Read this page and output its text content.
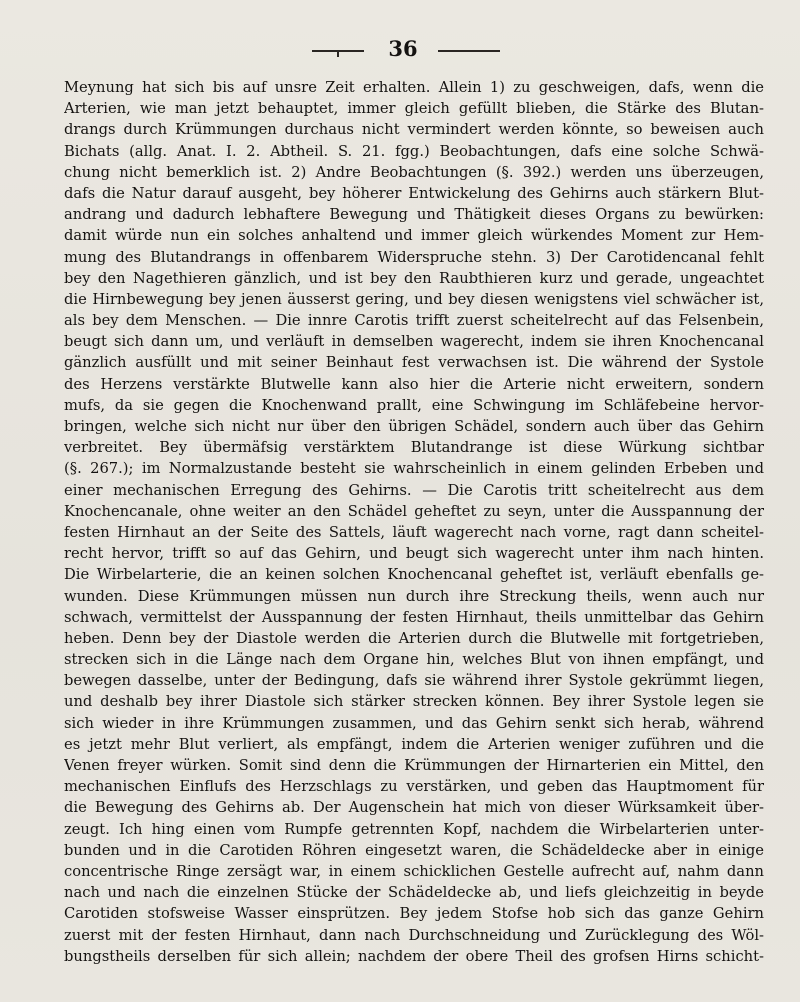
36
Meynung hat sich bis auf unsre Zeit erhalten. Allein 1) zu geschweigen, dafs, wenn die
Arterien, wie man jetzt behauptet, immer gleich gefüllt blieben, die Stärke des Blutan-
drangs durch Krümmungen durchaus nicht vermindert werden könnte, so beweisen auch
Bichats (allg. Anat. I. 2. Abtheil. S. 21. fgg.) Beobachtungen, dafs eine solche Schwä-
chung nicht bemerklich ist. 2) Andre Beobachtungen (§. 392.) werden uns überzeugen,
dafs die Natur darauf ausgeht, bey höherer Entwickelung des Gehirns auch stärkern Blut-
andrang und dadurch lebhaftere Bewegung und Thätigkeit dieses Organs zu bewürken:
damit würde nun ein solches anhaltend und immer gleich würkendes Moment zur Hem-
mung des Blutandrangs in offenbarem Widerspruche stehn. 3) Der Carotidencanal fehlt
bey den Nagethieren gänzlich, und ist bey den Raubthieren kurz und gerade, ungeachtet
die Hirnbewegung bey jenen äusserst gering, und bey diesen wenigstens viel schwächer ist,
als bey dem Menschen. — Die innre Carotis trifft zuerst scheitelrecht auf das Felsenbein,
beugt sich dann um, und verläuft in demselben wagerecht, indem sie ihren Knochencanal
gänzlich ausfüllt und mit seiner Beinhaut fest verwachsen ist. Die während der Systole
des Herzens verstärkte Blutwelle kann also hier die Arterie nicht erweitern, sondern
mufs, da sie gegen die Knochenwand prallt, eine Schwingung im Schläfebeine hervor-
bringen, welche sich nicht nur über den übrigen Schädel, sondern auch über das Gehirn
verbreitet. Bey übermäfsig verstärktem Blutandrange ist diese Würkung sichtbar
(§. 267.); im Normalzustande besteht sie wahrscheinlich in einem gelinden Erbeben und
einer mechanischen Erregung des Gehirns. — Die Carotis tritt scheitelrecht aus dem
Knochencanale, ohne weiter an den Schädel geheftet zu seyn, unter die Ausspannung der
festen Hirnhaut an der Seite des Sattels, läuft wagerecht nach vorne, ragt dann scheitel-
recht hervor, trifft so auf das Gehirn, und beugt sich wagerecht unter ihm nach hinten.
Die Wirbelarterie, die an keinen solchen Knochencanal geheftet ist, verläuft ebenfalls ge-
wunden. Diese Krümmungen müssen nun durch ihre Streckung theils, wenn auch nur
schwach, vermittelst der Ausspannung der festen Hirnhaut, theils unmittelbar das Gehirn
heben. Denn bey der Diastole werden die Arterien durch die Blutwelle mit fortgetrieben,
strecken sich in die Länge nach dem Organe hin, welches Blut von ihnen empfängt, und
bewegen dasselbe, unter der Bedingung, dafs sie während ihrer Systole gekrümmt liegen,
und deshalb bey ihrer Diastole sich stärker strecken können. Bey ihrer Systole legen sie
sich wieder in ihre Krümmungen zusammen, und das Gehirn senkt sich herab, während
es jetzt mehr Blut verliert, als empfängt, indem die Arterien weniger zuführen und die
Venen freyer würken. Somit sind denn die Krümmungen der Hirnarterien ein Mittel, den
mechanischen Einflufs des Herzschlags zu verstärken, und geben das Hauptmoment für
die Bewegung des Gehirns ab. Der Augenschein hat mich von dieser Würksamkeit über-
zeugt. Ich hing einen vom Rumpfe getrennten Kopf, nachdem die Wirbelarterien unter-
bunden und in die Carotiden Röhren eingesetzt waren, die Schädeldecke aber in einige
concentrische Ringe zersägt war, in einem schicklichen Gestelle aufrecht auf, nahm dann
nach und nach die einzelnen Stücke der Schädeldecke ab, und liefs gleichzeitig in beyde
Carotiden stofsweise Wasser einsprützen. Bey jedem Stofse hob sich das ganze Gehirn
zuerst mit der festen Hirnhaut, dann nach Durchschneidung und Zurücklegung des Wöl-
bungstheils derselben für sich allein; nachdem der obere Theil des grofsen Hirns schicht-
